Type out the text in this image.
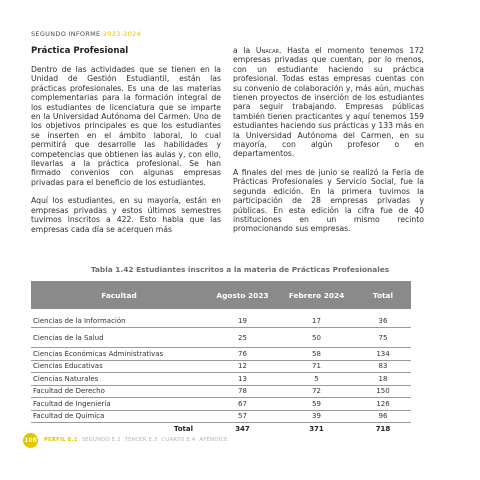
SEGUNDO INFORME 2023-2024
Práctica Profesional

Dentro de las actividades que se tienen en la Unidad de Gestión Estudiantil, están las prácticas profesionales. Es una de las materias complementarias para la formación integral de los estudiantes de licenciatura que se imparte en la Universidad Autónoma del Carmen. Uno de los objetivos principales es que los estudiantes se inserten en el ámbito laboral, lo cual permitirá que desarrolle las habilidades y competencias que obtienen las aulas y, con ello, llevarlas a la práctica profesional. Se han firmado convenios con algunas empresas privadas para el beneficio de los estudiantes.

Aquí los estudiantes, en su mayoría, están en empresas privadas y estos últimos semestres tuvimos inscritos a 422. Esto habla que las empresas cada día se acerquen más

a la Unacar. Hasta el momento tenemos 172 empresas privadas que cuentan, por lo menos, con un estudiante haciendo su práctica profesional. Todas estas empresas cuentas con su convenio de colaboración y, más aún, muchas tienen proyectos de inserción de los estudiantes para seguir trabajando. Empresas públicas también tienen practicantes y aquí tenemos 159 estudiantes haciendo sus prácticas y 133 más en la Universidad Autónoma del Carmen, en su mayoría, con algún profesor o en departamentos.

A finales del mes de junio se realizó la Feria de Prácticas Profesionales y Servicio Social, fue la segunda edición. En la primera tuvimos la participación de 28 empresas privadas y públicas. En esta edición la cifra fue de 40 instituciones en un mismo recinto promocionando sus empresas.

Tabla 1.42 Estudiantes inscritos a la materia de Prácticas Profesionales
Facultad	Agosto 2023	Febrero 2024	Total

Ciencias de la Información	19	17	36
Ciencias de la Salud	25	50	75
Ciencias Económicas Administrativas	76	58	134
Ciencias Educativas	12	71	83
Ciencias Naturales	13	5	18
Facultad de Derecho	78	72	150
Facultad de Ingeniería	67	59	126
Facultad de Química	57	39	96
Total	347	371	718
108 PERFIL E.1 SEGUNDO E.2 TERCER E.3 CUARTO E.4 APÉNDICE
